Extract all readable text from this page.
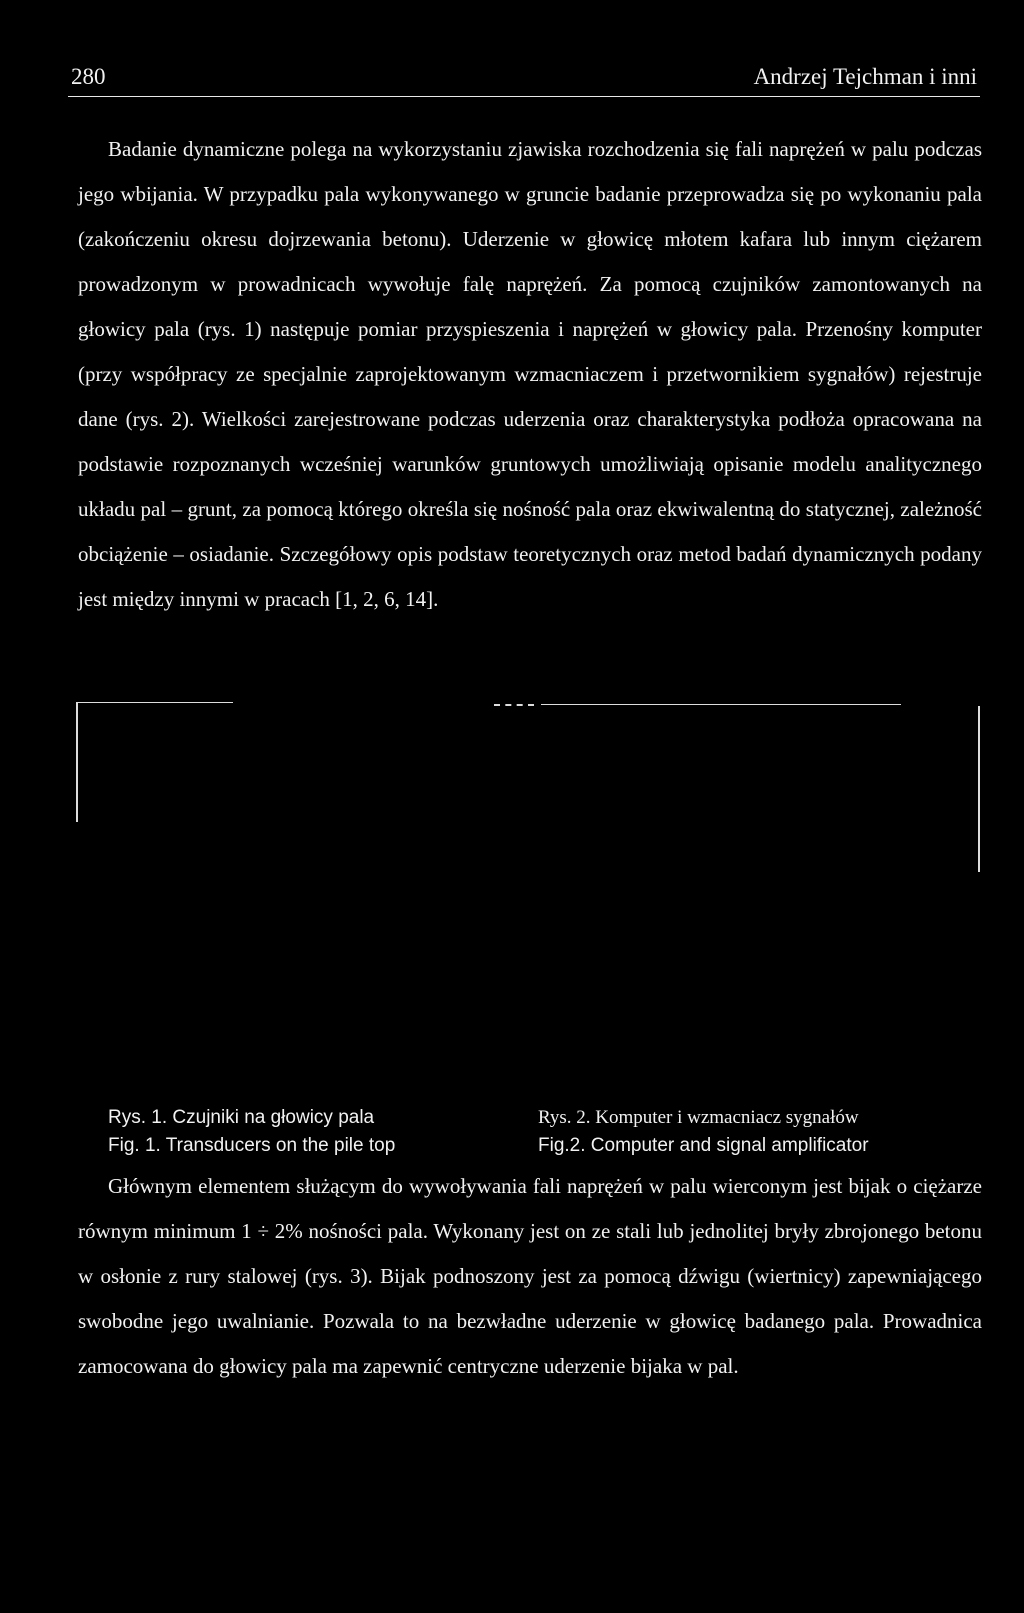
280	Andrzej Tejchman i inni

Badanie dynamiczne polega na wykorzystaniu zjawiska rozchodzenia się fali naprężeń w palu podczas jego wbijania. W przypadku pala wykonywanego w gruncie badanie przeprowadza się po wykonaniu pala (zakończeniu okresu dojrzewania betonu). Uderzenie w głowicę młotem kafara lub innym ciężarem prowadzonym w prowadnicach wywołuje falę naprężeń. Za pomocą czujników zamontowanych na głowicy pala (rys. 1) następuje pomiar przyspieszenia i naprężeń w głowicy pala. Przenośny komputer (przy współpracy ze specjalnie zaprojektowanym wzmacniaczem i przetwornikiem sygnałów) rejestruje dane (rys. 2). Wielkości zarejestrowane podczas uderzenia oraz charakterystyka podłoża opracowana na podstawie rozpoznanych wcześniej warunków gruntowych umożliwiają opisanie modelu analitycznego układu pal – grunt, za pomocą którego określa się nośność pala oraz ekwiwalentną do statycznej, zależność obciążenie – osiadanie. Szczegółowy opis podstaw teoretycznych oraz metod badań dynamicznych podany jest między innymi w pracach [1, 2, 6, 14].

Rys. 1. Czujniki na głowicy pala
Fig. 1. Transducers on the pile top
Rys. 2. Komputer i wzmacniacz sygnałów
Fig.2. Computer and signal amplificator

Głównym elementem służącym do wywoływania fali naprężeń w palu wierconym jest bijak o ciężarze równym minimum 1 ÷ 2% nośności pala. Wykonany jest on ze stali lub jednolitej bryły zbrojonego betonu w osłonie z rury stalowej (rys. 3). Bijak podnoszony jest za pomocą dźwigu (wiertnicy) zapewniającego swobodne jego uwalnianie. Pozwala to na bezwładne uderzenie w głowicę badanego pala. Prowadnica zamocowana do głowicy pala ma zapewnić centryczne uderzenie bijaka w pal.
